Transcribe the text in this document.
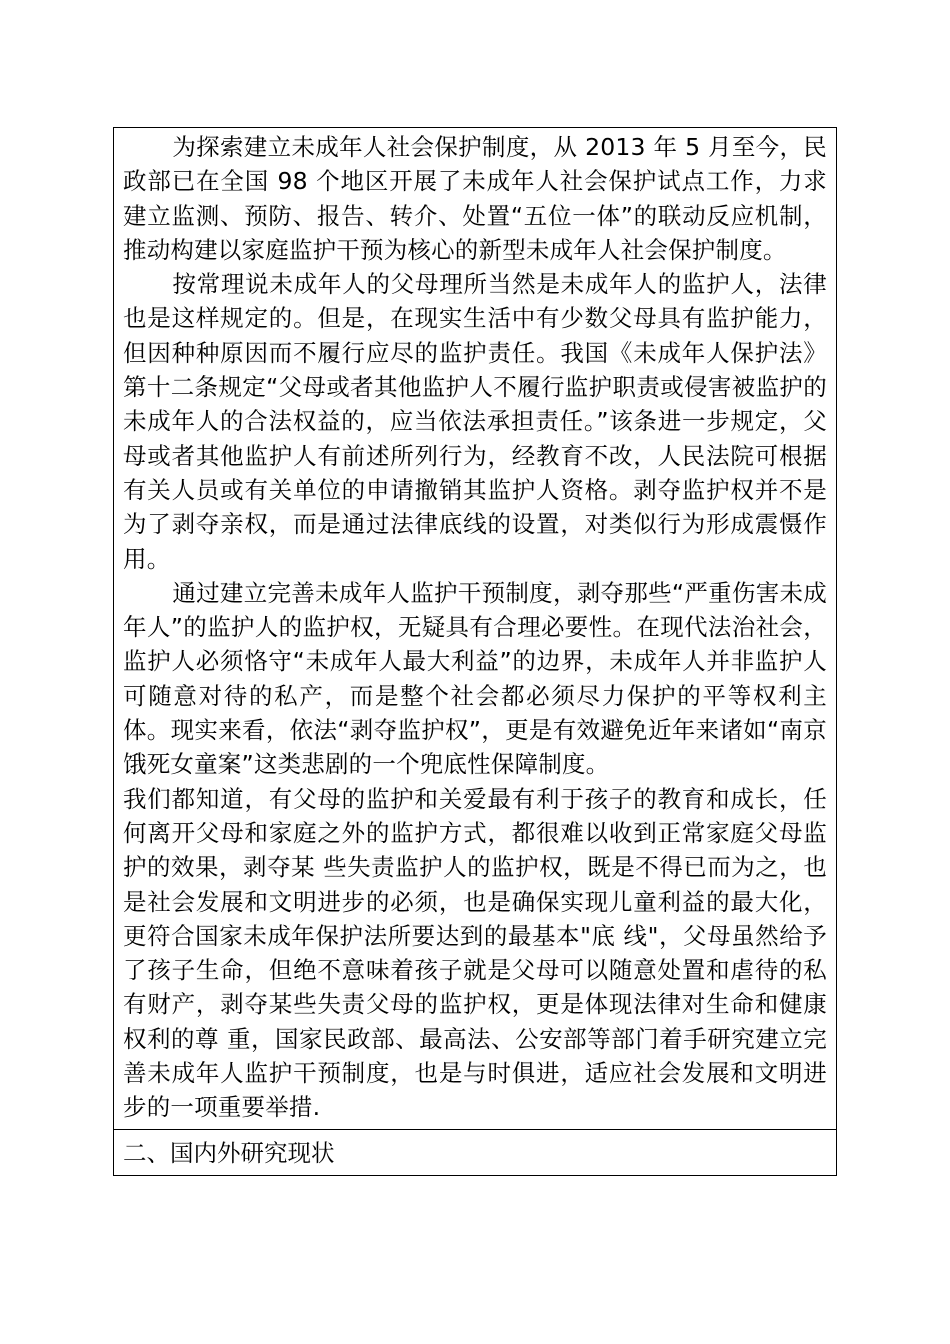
为探索建立未成年人社会保护制度，从 2013 年 5 月至今，民政部已在全国 98 个地区开展了未成年人社会保护试点工作，力求建立监测、预防、报告、转介、处置“五位一体”的联动反应机制，推动构建以家庭监护干预为核心的新型未成年人社会保护制度。

按常理说未成年人的父母理所当然是未成年人的监护人，法律也是这样规定的。但是，在现实生活中有少数父母具有监护能力，但因种种原因而不履行应尽的监护责任。我国《未成年人保护法》第十二条规定“父母或者其他监护人不履行监护职责或侵害被监护的未成年人的合法权益的，应当依法承担责任。”该条进一步规定，父母或者其他监护人有前述所列行为，经教育不改，人民法院可根据有关人员或有关单位的申请撤销其监护人资格。剥夺监护权并不是为了剥夺亲权，而是通过法律底线的设置，对类似行为形成震慑作用。

通过建立完善未成年人监护干预制度，剥夺那些“严重伤害未成年人”的监护人的监护权，无疑具有合理必要性。在现代法治社会，监护人必须恪守“未成年人最大利益”的边界，未成年人并非监护人可随意对待的私产，而是整个社会都必须尽力保护的平等权利主体。现实来看，依法“剥夺监护权”，更是有效避免近年来诸如“南京饿死女童案”这类悲剧的一个兜底性保障制度。

我们都知道，有父母的监护和关爱最有利于孩子的教育和成长，任何离开父母和家庭之外的监护方式，都很难以收到正常家庭父母监护的效果，剥夺某 些失责监护人的监护权，既是不得已而为之，也是社会发展和文明进步的必须，也是确保实现儿童利益的最大化，更符合国家未成年保护法所要达到的最基本"底 线"，父母虽然给予了孩子生命，但绝不意味着孩子就是父母可以随意处置和虐待的私有财产，剥夺某些失责父母的监护权，更是体现法律对生命和健康权利的尊 重，国家民政部、最高法、公安部等部门着手研究建立完善未成年人监护干预制度，也是与时俱进，适应社会发展和文明进步的一项重要举措.

二、国内外研究现状
